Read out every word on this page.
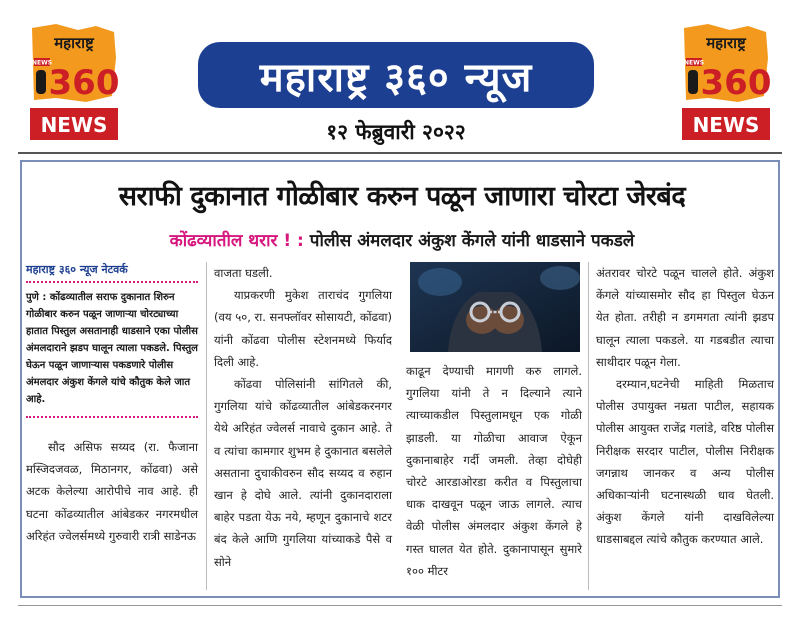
महाराष्ट्र
NEWS
360
NEWS
महाराष्ट्र
NEWS
360
NEWS
महाराष्ट्र ३६० न्यूज
१२ फेब्रुवारी २०२२
सराफी दुकानात गोळीबार करुन पळून जाणारा चोरटा जेरबंद
कोंढव्यातील थरार ! : पोलीस अंमलदार अंकुश केंगले यांनी धाडसाने पकडले
महाराष्ट्र ३६० न्यूज नेटवर्क
पुणे : कोंढव्यातील सराफ दुकानात शिरुन गोळीबार करुन पळून जाणाऱ्या चोरट्याच्या हातात पिस्तुल असतानाही धाडसाने एका पोलीस अंमलदाराने झडप घालून त्याला पकडले. पिस्तुल घेऊन पळून जाणाऱ्यास पकडणारे पोलीस अंमलदार अंकुश केंगले यांचे कौतुक केले जात आहे.
सौद असिफ सय्यद (रा. फैजाना मस्जिदजवळ, मिठानगर, कोंढवा) असे अटक केलेल्या आरोपीचे नाव आहे. ही घटना कोंढव्यातील आंबेडकर नगरमधील अरिहंत ज्वेलर्समध्ये गुरुवारी रात्री साडेनऊ

वाजता घडली.

याप्रकरणी मुकेश ताराचंद गुगलिया (वय ५०, रा. सनफ्लॉवर सोसायटी, कोंढवा) यांनी कोंढवा पोलीस स्टेशनमध्ये फिर्याद दिली आहे.

कोंढवा पोलिसांनी सांगितले की, गुगलिया यांचे कोंढव्यातील आंबेडकरनगर येथे अरिहंत ज्वेलर्स नावाचे दुकान आहे. ते व त्यांचा कामगार शुभम हे दुकानात बसलेले असताना दुचाकीवरुन सौद सय्यद व रुहान खान हे दोघे आले. त्यांनी दुकानदाराला बाहेर पडता येऊ नये, म्हणून दुकानाचे शटर बंद केले आणि गुगलिया यांच्याकडे पैसे व सोने

काढून देण्याची मागणी करु लागले. गुगलिया यांनी ते न दिल्याने त्याने त्याच्याकडील पिस्तुलामधून एक गोळी झाडली. या गोळीचा आवाज ऐकून दुकानाबाहेर गर्दी जमली. तेव्हा दोघेही चोरटे आरडाओरडा करीत व पिस्तुलाचा धाक दाखवून पळून जाऊ लागले. त्याच वेळी पोलीस अंमलदार अंकुश केंगले हे गस्त घालत येत होते. दुकानापासून सुमारे १०० मीटर

अंतरावर चोरटे पळून चालले होते. अंकुश केंगले यांच्यासमोर सौद हा पिस्तुल घेऊन येत होता. तरीही न डगमगता त्यांनी झडप घालून त्याला पकडले. या गडबडीत त्याचा साथीदार पळून गेला.

दरम्यान,घटनेची माहिती मिळताच पोलीस उपायुक्त नम्रता पाटील, सहायक पोलीस आयुक्त राजेंद्र गलांडे, वरिष्ठ पोलीस निरीक्षक सरदार पाटील, पोलीस निरीक्षक जगन्नाथ जानकर व अन्य पोलीस अधिकाऱ्यांनी घटनास्थळी धाव घेतली. अंकुश केंगले यांनी दाखविलेल्या धाडसाबद्दल त्यांचे कौतुक करण्यात आले.
